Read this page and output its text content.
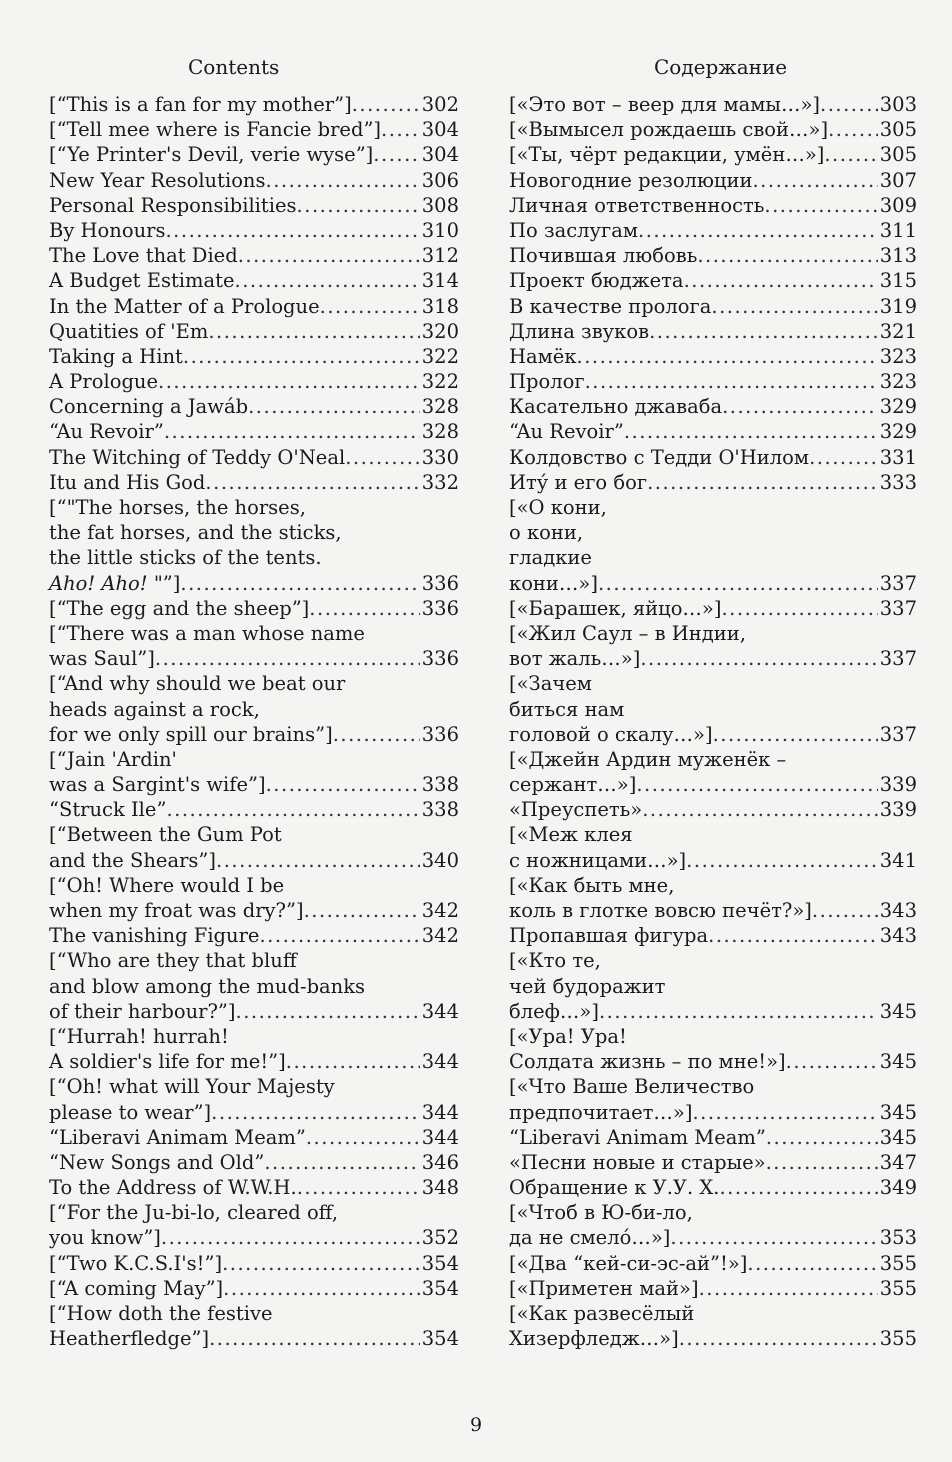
Contents	Содержание
[“This is a fan for my mother”] .....	302
[“Tell mee where is Fancie bred”] ..... 304
[“Ye Printer's Devil, verie wyse”] ..... 304
New Year Resolutions .....	306
Personal Responsibilities .....	308
By Honours .....	310
The Love that Died .....	312
A Budget Estimate .....	314
In the Matter of a Prologue .....	318
Quatities of 'Em .....	320
Taking a Hint .....	322
A Prologue .....	322
Concerning a Jawáb .....	328
“Au Revoir” .....	328
The Witching of Teddy O'Neal .....	330
Itu and His God .....	332
[“"The horses, the horses,
the fat horses, and the sticks,
the little sticks of the tents.
Aho! Aho! "”] .....	336
[“The egg and the sheep”] .....	336
[“There was a man whose name
was Saul”] .....	336
[“And why should we beat our
heads against a rock,
for we only spill our brains”] .....	336
[“Jain 'Ardin'
was a Sargint's wife”] .....	338
“Struck Ile” .....	338
[“Between the Gum Pot
and the Shears”] .....	340
[“Oh! Where would I be
when my froat was dry?”] .....	342
The vanishing Figure .....	342
[“Who are they that bluff
and blow among the mud-banks
of their harbour?”] .....	344
[“Hurrah! hurrah!
A soldier's life for me!”] .....	344
[“Oh! what will Your Majesty
please to wear”] .....	344
“Liberavi Animam Meam” .....	344
“New Songs and Old” .....	346
To the Address of W.W.H. .....	348
[“For the Ju-bi-lo, cleared off,
you know”] .....	352
[“Two K.C.S.I's!”] .....	354
[“A coming May”] .....	354
[“How doth the festive
Heatherfledge”] .....	354
[«Это вот – веер для мамы…»] .....	303
[«Вымысел рождаешь свой…»] .....	305
[«Ты, чёрт редакции, умён…»] .....	305
Новогодние резолюции .....	307
Личная ответственность .....	309
По заслугам .....	311
Почившая любовь .....	313
Проект бюджета .....	315
В качестве пролога .....	319
Длина звуков .....	321
Намёк .....	323
Пролог .....	323
Касательно джаваба .....	329
“Au Revoir” .....	329
Колдовство с Тедди О'Нилом .....	331
Иту́ и его бог .....	333
[«О кони,
о кони,
гладкие
кони…»] .....	337
[«Барашек, яйцо…»] .....	337
[«Жил Саул – в Индии,
вот жаль…»] .....	337
[«Зачем
биться нам
головой о скалу…»] .....	337
[«Джейн Ардин муженёк –
сержант…»] .....	339
«Преуспеть» .....	339
[«Меж клея
с ножницами…»] .....	341
[«Как быть мне,
коль в глотке вовсю печёт?»] .....	343
Пропавшая фигура .....	343
[«Кто те,
чей будоражит
блеф…»] .....	345
[«Ура! Ура!
Солдата жизнь – по мне!»] .....	345
[«Что Ваше Величество
предпочитает…»] .....	345
“Liberavi Animam Meam” .....	345
«Песни новые и старые» .....	347
Обращение к У.У. Х. .....	349
[«Чтоб в Ю-би-ло,
да не смело́…»] .....	353
[«Два “кей-си-эс-ай”!»] .....	355
[«Приметен май»] .....	355
[«Как развесёлый
Хизерфледж…»] .....	355
9
